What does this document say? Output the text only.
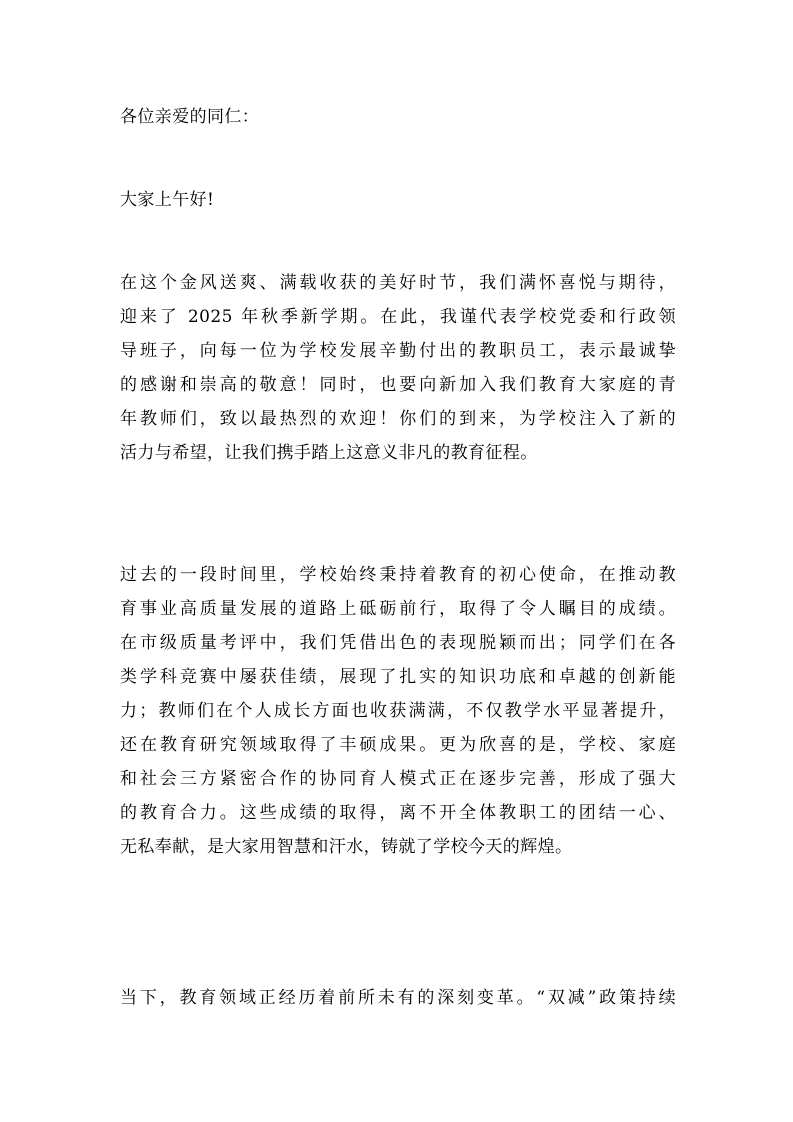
各位亲爱的同仁：
大家上午好!
在这个金风送爽、满载收获的美好时节，我们满怀喜悦与期待，
迎来了 2025 年秋季新学期。在此，我谨代表学校党委和行政领
导班子，向每一位为学校发展辛勤付出的教职员工，表示最诚挚
的感谢和崇高的敬意！同时，也要向新加入我们教育大家庭的青
年教师们，致以最热烈的欢迎！你们的到来，为学校注入了新的
活力与希望，让我们携手踏上这意义非凡的教育征程。
过去的一段时间里，学校始终秉持着教育的初心使命，在推动教
育事业高质量发展的道路上砥砺前行，取得了令人瞩目的成绩。
在市级质量考评中，我们凭借出色的表现脱颖而出；同学们在各
类学科竞赛中屡获佳绩，展现了扎实的知识功底和卓越的创新能
力；教师们在个人成长方面也收获满满，不仅教学水平显著提升，
还在教育研究领域取得了丰硕成果。更为欣喜的是，学校、家庭
和社会三方紧密合作的协同育人模式正在逐步完善，形成了强大
的教育合力。这些成绩的取得，离不开全体教职工的团结一心、
无私奉献，是大家用智慧和汗水，铸就了学校今天的辉煌。
当下，教育领域正经历着前所未有的深刻变革。“双减”政策持续
